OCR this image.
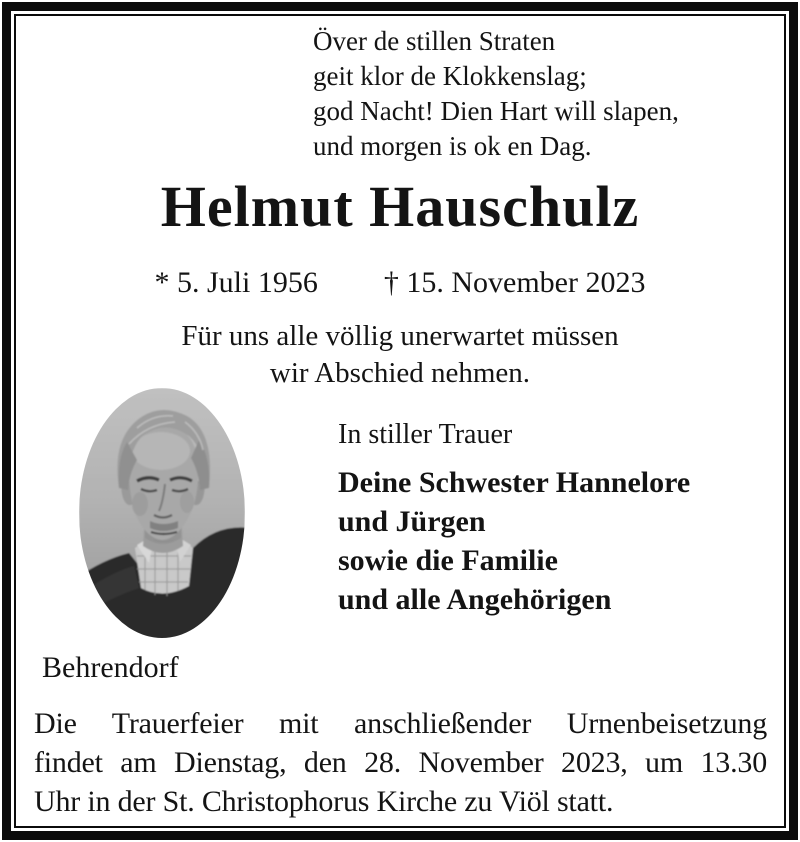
Över de stillen Straten
geit klor de Klokkenslag;
god Nacht! Dien Hart will slapen,
und morgen is ok en Dag.
Helmut Hauschulz
* 5. Juli 1956 † 15. November 2023
Für uns alle völlig unerwartet müssen
wir Abschied nehmen.
In stiller Trauer
Deine Schwester Hannelore
und Jürgen
sowie die Familie
und alle Angehörigen
Behrendorf
Die Trauerfeier mit anschließender Urnenbeisetzung
findet am Dienstag, den 28. November 2023, um 13.30
Uhr in der St. Christophorus Kirche zu Viöl statt.
